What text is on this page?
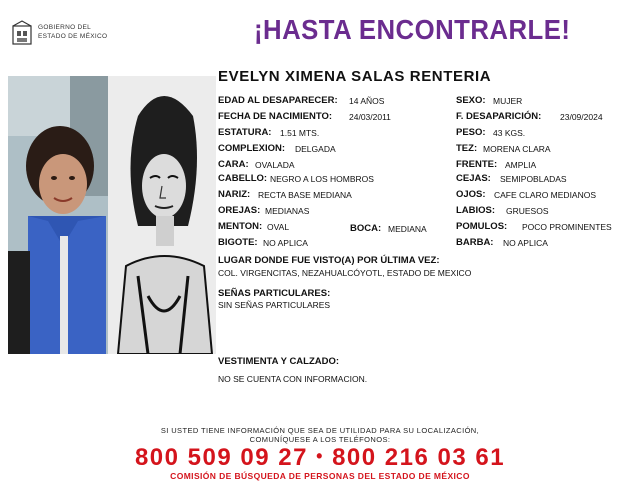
GOBIERNO DEL
ESTADO DE MÉXICO	¡HASTA ENCONTRARLE!
EVELYN XIMENA SALAS RENTERIA
EDAD AL DESAPARECER: 14 AÑOS
FECHA DE NACIMIENTO: 24/03/2011
ESTATURA: 1.51 MTS.
COMPLEXION: DELGADA
CARA: OVALADA
CABELLO: NEGRO A LOS HOMBROS
NARIZ: RECTA BASE MEDIANA
OREJAS: MEDIANAS
MENTON: OVAL	BOCA: MEDIANA
BIGOTE: NO APLICA
SEXO: MUJER
F. DESAPARICIÓN: 23/09/2024
PESO: 43 KGS.
TEZ: MORENA CLARA
FRENTE: AMPLIA
CEJAS: SEMIPOBLADAS
OJOS: CAFE CLARO MEDIANOS
LABIOS: GRUESOS
POMULOS: POCO PROMINENTES
BARBA: NO APLICA
LUGAR DONDE FUE VISTO(A) POR ÚLTIMA VEZ:
COL. VIRGENCITAS, NEZAHUALCÓYOTL, ESTADO DE MEXICO
SEÑAS PARTICULARES:
SIN SEÑAS PARTICULARES
VESTIMENTA Y CALZADO:
NO SE CUENTA CON INFORMACION.
SI USTED TIENE INFORMACIÓN QUE SEA DE UTILIDAD PARA SU LOCALIZACIÓN,
COMUNÍQUESE A LOS TELÉFONOS:
800 509 09 27 • 800 216 03 61
COMISIÓN DE BÚSQUEDA DE PERSONAS DEL ESTADO DE MÉXICO
